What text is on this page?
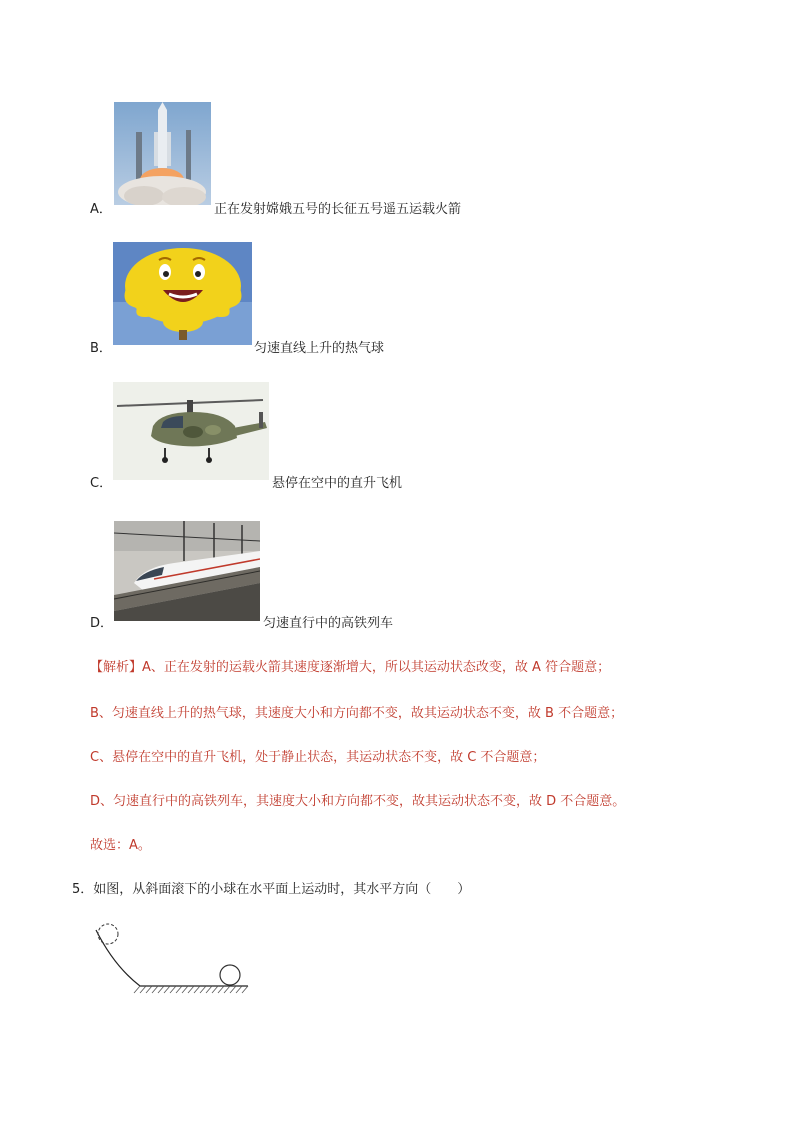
A．	正在发射嫦娥五号的长征五号遥五运载火箭
B．	匀速直线上升的热气球
C．	悬停在空中的直升飞机
D．	匀速直行中的高铁列车
【解析】A、正在发射的运载火箭其速度逐渐增大，所以其运动状态改变，故 A 符合题意；
B、匀速直线上升的热气球，其速度大小和方向都不变，故其运动状态不变，故 B 不合题意；
C、悬停在空中的直升飞机，处于静止状态，其运动状态不变，故 C 不合题意；
D、匀速直行中的高铁列车，其速度大小和方向都不变，故其运动状态不变，故 D 不合题意。
故选：A。
5．如图，从斜面滚下的小球在水平面上运动时，其水平方向（　　）
